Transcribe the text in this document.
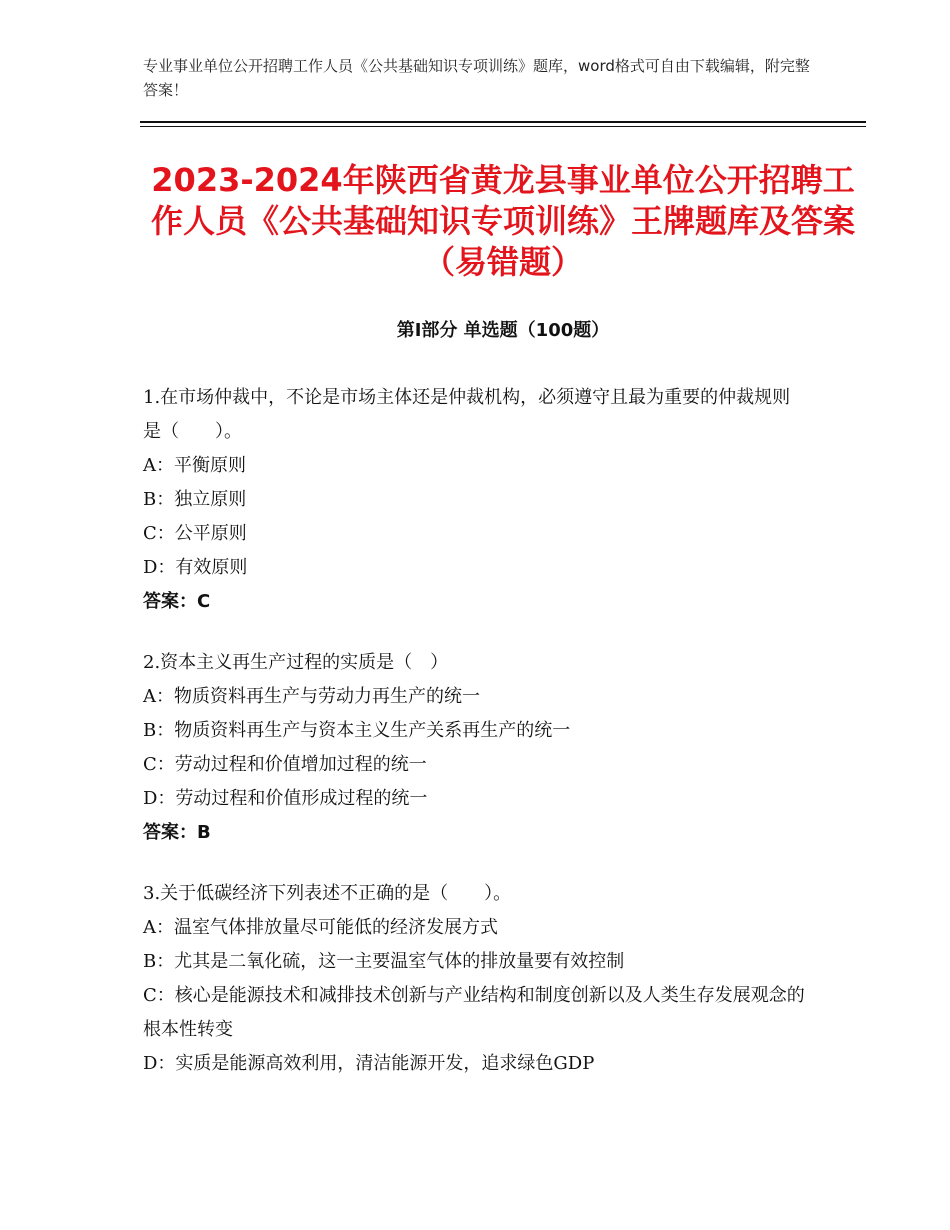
专业事业单位公开招聘工作人员《公共基础知识专项训练》题库，word格式可自由下载编辑，附完整答案！
2023-2024年陕西省黄龙县事业单位公开招聘工作人员《公共基础知识专项训练》王牌题库及答案（易错题）
第Ⅰ部分 单选题（100题）
1.在市场仲裁中，不论是市场主体还是仲裁机构，必须遵守且最为重要的仲裁规则是（　　）。
A：平衡原则
B：独立原则
C：公平原则
D：有效原则
答案：C
2.资本主义再生产过程的实质是（　）
A：物质资料再生产与劳动力再生产的统一
B：物质资料再生产与资本主义生产关系再生产的统一
C：劳动过程和价值增加过程的统一
D：劳动过程和价值形成过程的统一
答案：B
3.关于低碳经济下列表述不正确的是（　　）。
A：温室气体排放量尽可能低的经济发展方式
B：尤其是二氧化硫，这一主要温室气体的排放量要有效控制
C：核心是能源技术和减排技术创新与产业结构和制度创新以及人类生存发展观念的根本性转变
D：实质是能源高效利用，清洁能源开发，追求绿色GDP
